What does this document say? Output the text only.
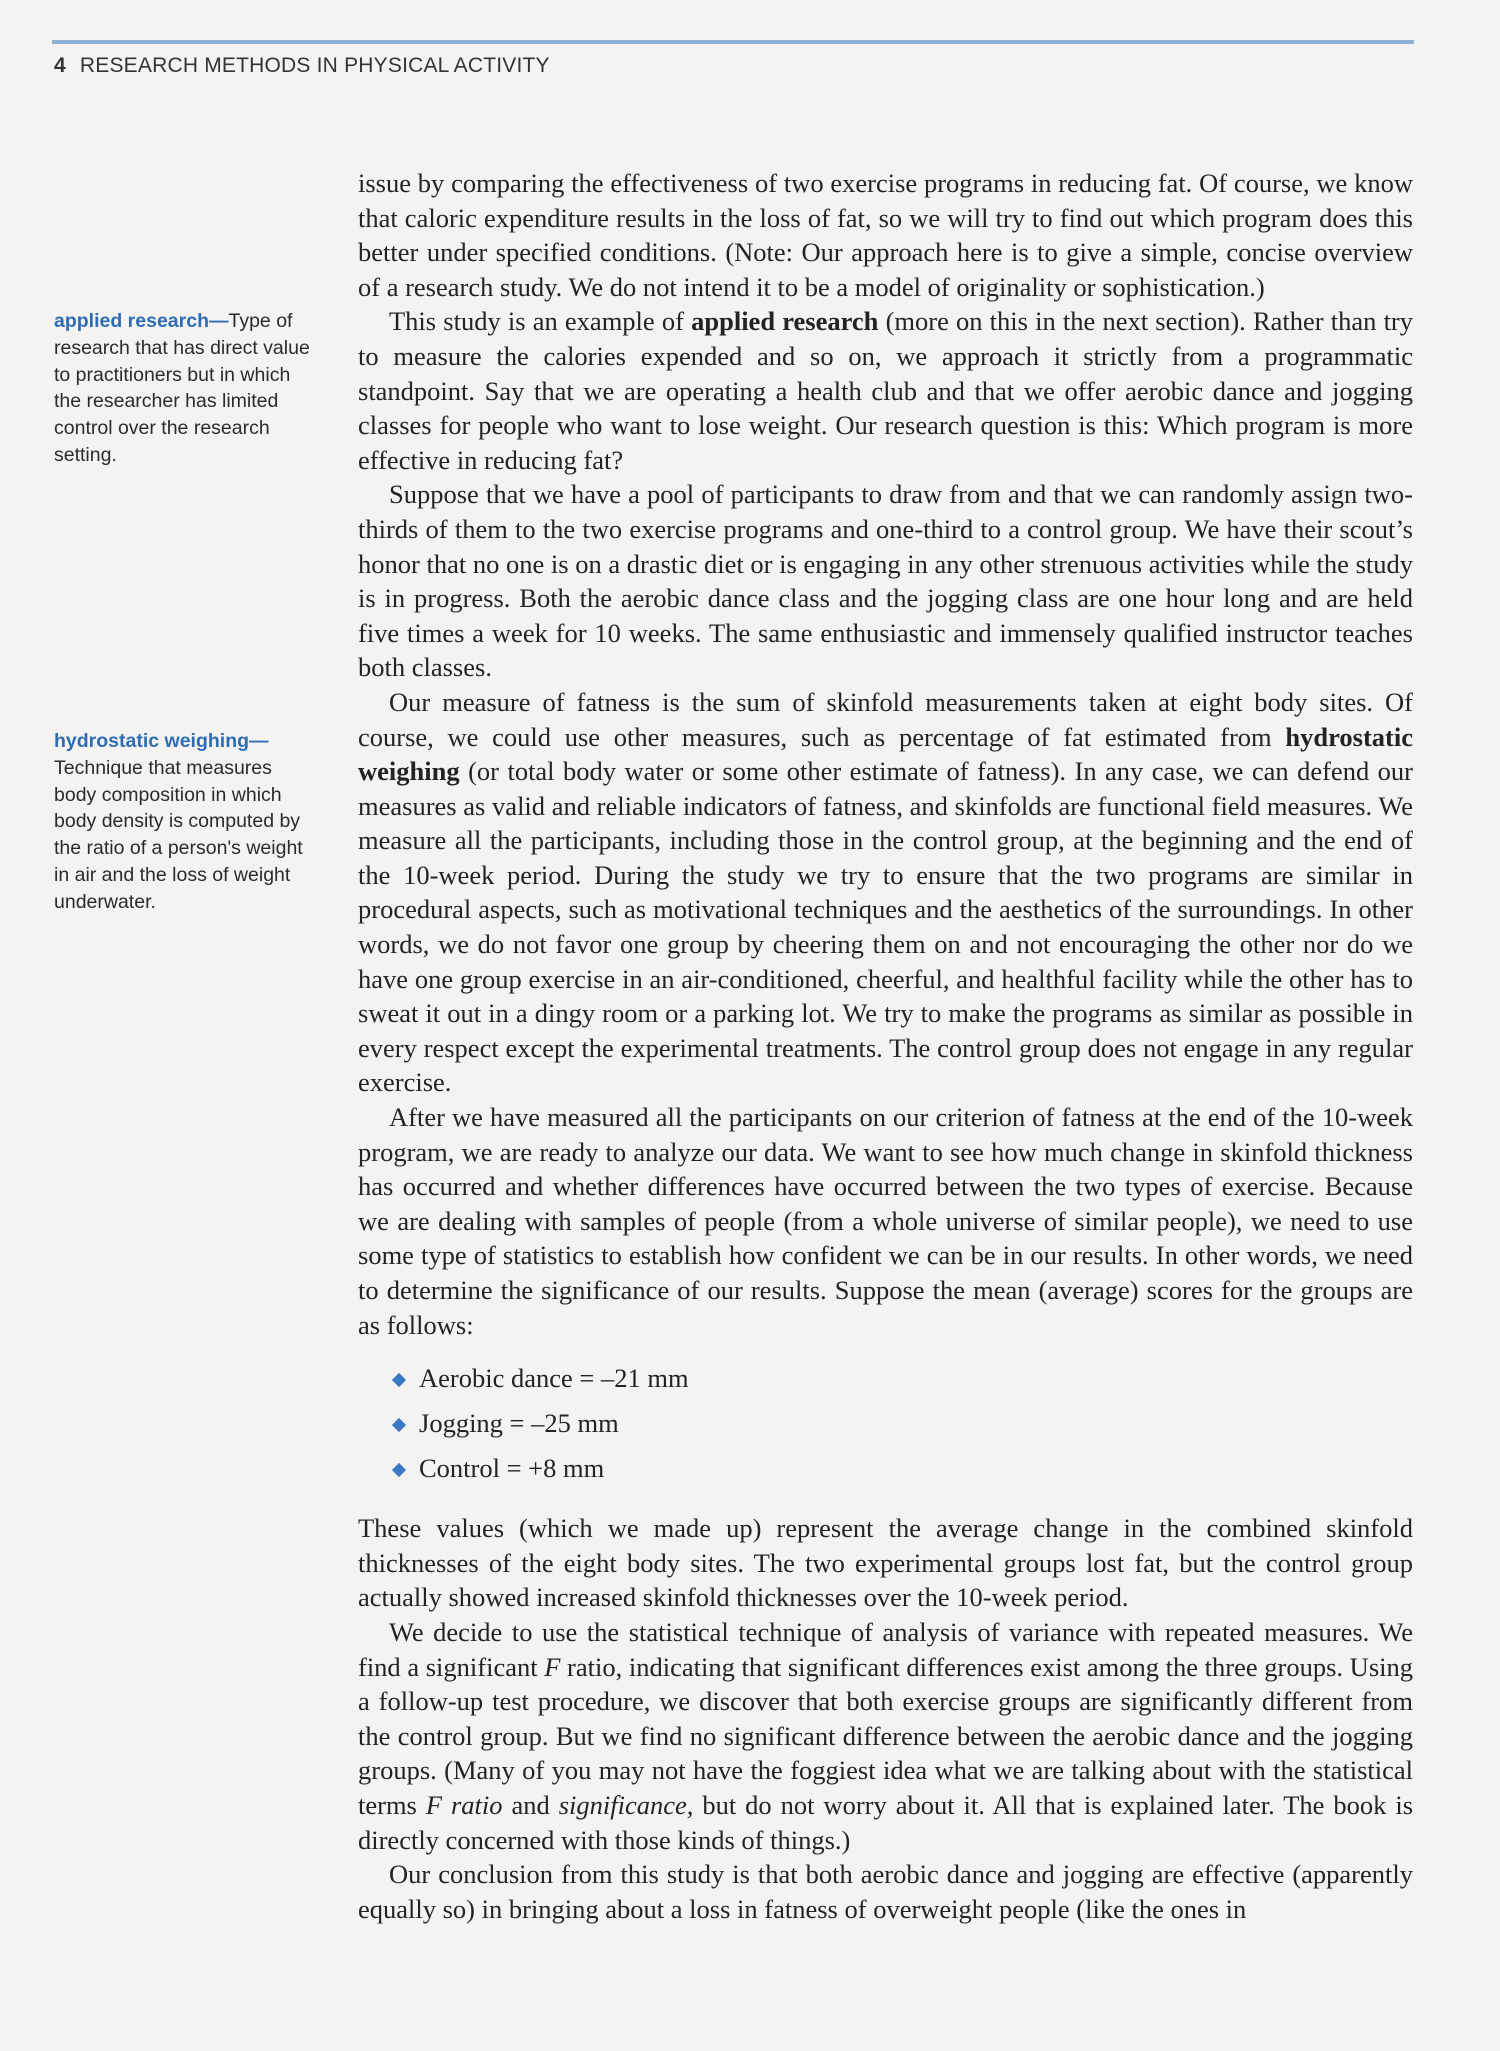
4 RESEARCH METHODS IN PHYSICAL ACTIVITY
applied research—Type of research that has direct value to practitioners but in which the researcher has limited control over the research setting.
hydrostatic weighing—
Technique that measures body composition in which body density is computed by the ratio of a person's weight in air and the loss of weight underwater.

issue by comparing the effectiveness of two exercise programs in reducing fat. Of course, we know that caloric expenditure results in the loss of fat, so we will try to find out which program does this better under specified conditions. (Note: Our approach here is to give a simple, concise overview of a research study. We do not intend it to be a model of originality or sophistication.)

This study is an example of applied research (more on this in the next section). Rather than try to measure the calories expended and so on, we approach it strictly from a programmatic standpoint. Say that we are operating a health club and that we offer aerobic dance and jogging classes for people who want to lose weight. Our research question is this: Which program is more effective in reducing fat?

Suppose that we have a pool of participants to draw from and that we can randomly assign two-thirds of them to the two exercise programs and one-third to a control group. We have their scout’s honor that no one is on a drastic diet or is engaging in any other strenuous activities while the study is in progress. Both the aerobic dance class and the jogging class are one hour long and are held five times a week for 10 weeks. The same enthusiastic and immensely qualified instructor teaches both classes.

Our measure of fatness is the sum of skinfold measurements taken at eight body sites. Of course, we could use other measures, such as percentage of fat estimated from hydrostatic weighing (or total body water or some other estimate of fatness). In any case, we can defend our measures as valid and reliable indicators of fatness, and skinfolds are functional field measures. We measure all the participants, including those in the control group, at the beginning and the end of the 10-week period. During the study we try to ensure that the two programs are similar in procedural aspects, such as motivational techniques and the aesthetics of the surroundings. In other words, we do not favor one group by cheering them on and not encouraging the other nor do we have one group exercise in an air-conditioned, cheerful, and healthful facility while the other has to sweat it out in a dingy room or a parking lot. We try to make the programs as similar as possible in every respect except the experimental treatments. The control group does not engage in any regular exercise.

After we have measured all the participants on our criterion of fatness at the end of the 10-week program, we are ready to analyze our data. We want to see how much change in skinfold thickness has occurred and whether differences have occurred between the two types of exercise. Because we are dealing with samples of people (from a whole universe of similar people), we need to use some type of statistics to establish how confident we can be in our results. In other words, we need to determine the significance of our results. Suppose the mean (average) scores for the groups are as follows:

Aerobic dance = –21 mm
Jogging = –25 mm
Control = +8 mm

These values (which we made up) represent the average change in the combined skinfold thicknesses of the eight body sites. The two experimental groups lost fat, but the control group actually showed increased skinfold thicknesses over the 10-week period.

We decide to use the statistical technique of analysis of variance with repeated measures. We find a significant F ratio, indicating that significant differences exist among the three groups. Using a follow-up test procedure, we discover that both exercise groups are significantly different from the control group. But we find no significant difference between the aerobic dance and the jogging groups. (Many of you may not have the foggiest idea what we are talking about with the statistical terms F ratio and significance, but do not worry about it. All that is explained later. The book is directly concerned with those kinds of things.)

Our conclusion from this study is that both aerobic dance and jogging are effective (apparently equally so) in bringing about a loss in fatness of overweight people (like the ones in
